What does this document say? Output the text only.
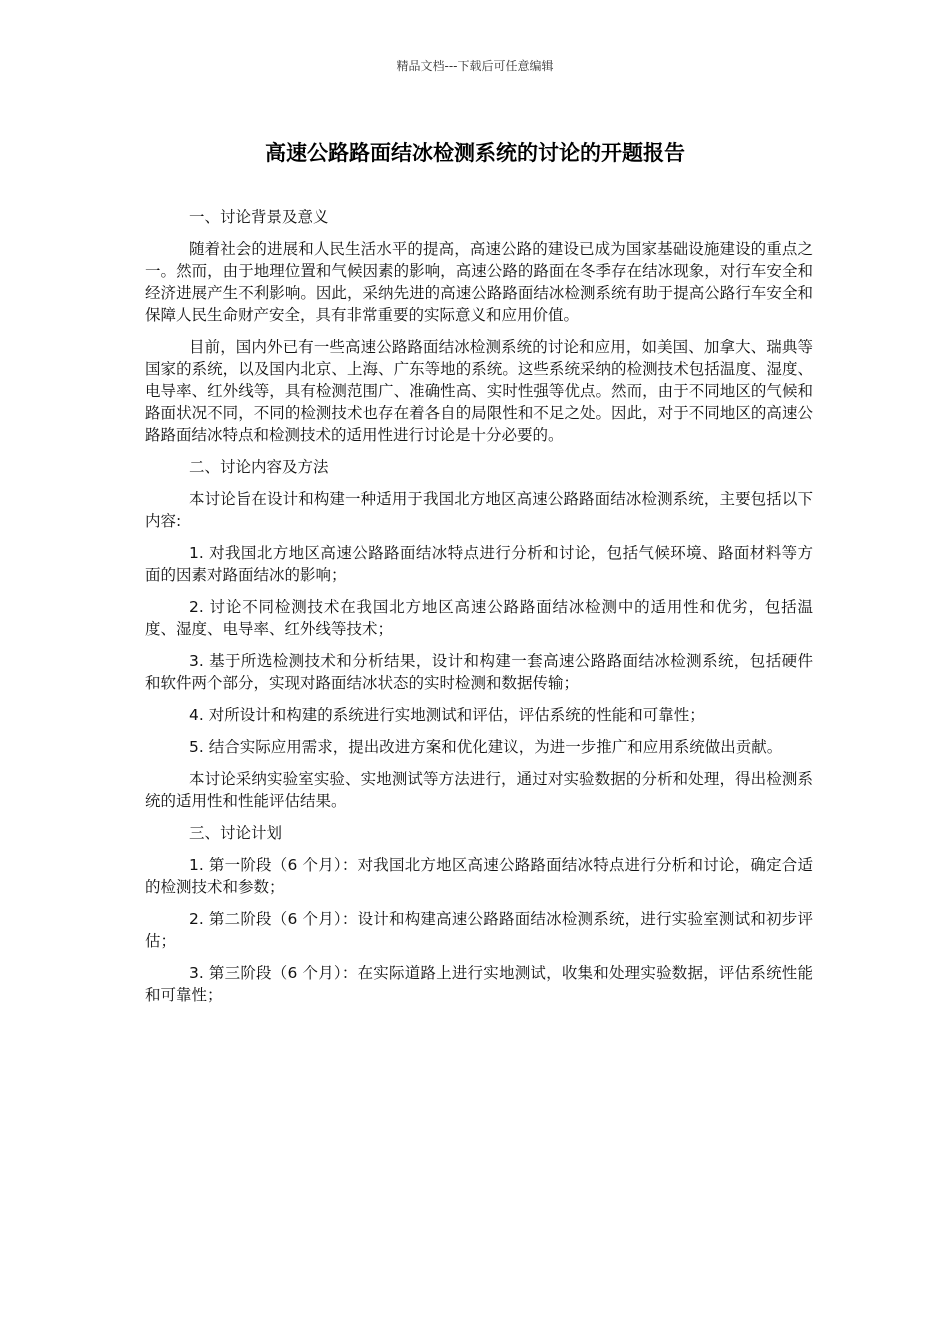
精品文档---下载后可任意编辑
高速公路路面结冰检测系统的讨论的开题报告

一、讨论背景及意义

随着社会的进展和人民生活水平的提高，高速公路的建设已成为国家基础设施建设的重点之一。然而，由于地理位置和气候因素的影响，高速公路的路面在冬季存在结冰现象，对行车安全和经济进展产生不利影响。因此，采纳先进的高速公路路面结冰检测系统有助于提高公路行车安全和保障人民生命财产安全，具有非常重要的实际意义和应用价值。

目前，国内外已有一些高速公路路面结冰检测系统的讨论和应用，如美国、加拿大、瑞典等国家的系统，以及国内北京、上海、广东等地的系统。这些系统采纳的检测技术包括温度、湿度、电导率、红外线等，具有检测范围广、准确性高、实时性强等优点。然而，由于不同地区的气候和路面状况不同，不同的检测技术也存在着各自的局限性和不足之处。因此，对于不同地区的高速公路路面结冰特点和检测技术的适用性进行讨论是十分必要的。

二、讨论内容及方法

本讨论旨在设计和构建一种适用于我国北方地区高速公路路面结冰检测系统，主要包括以下内容:

1. 对我国北方地区高速公路路面结冰特点进行分析和讨论，包括气候环境、路面材料等方面的因素对路面结冰的影响；

2. 讨论不同检测技术在我国北方地区高速公路路面结冰检测中的适用性和优劣，包括温度、湿度、电导率、红外线等技术；

3. 基于所选检测技术和分析结果，设计和构建一套高速公路路面结冰检测系统，包括硬件和软件两个部分，实现对路面结冰状态的实时检测和数据传输；

4. 对所设计和构建的系统进行实地测试和评估，评估系统的性能和可靠性；

5. 结合实际应用需求，提出改进方案和优化建议，为进一步推广和应用系统做出贡献。

本讨论采纳实验室实验、实地测试等方法进行，通过对实验数据的分析和处理，得出检测系统的适用性和性能评估结果。

三、讨论计划

1. 第一阶段（6 个月）：对我国北方地区高速公路路面结冰特点进行分析和讨论，确定合适的检测技术和参数；

2. 第二阶段（6 个月）：设计和构建高速公路路面结冰检测系统，进行实验室测试和初步评估；

3. 第三阶段（6 个月）：在实际道路上进行实地测试，收集和处理实验数据，评估系统性能和可靠性；
